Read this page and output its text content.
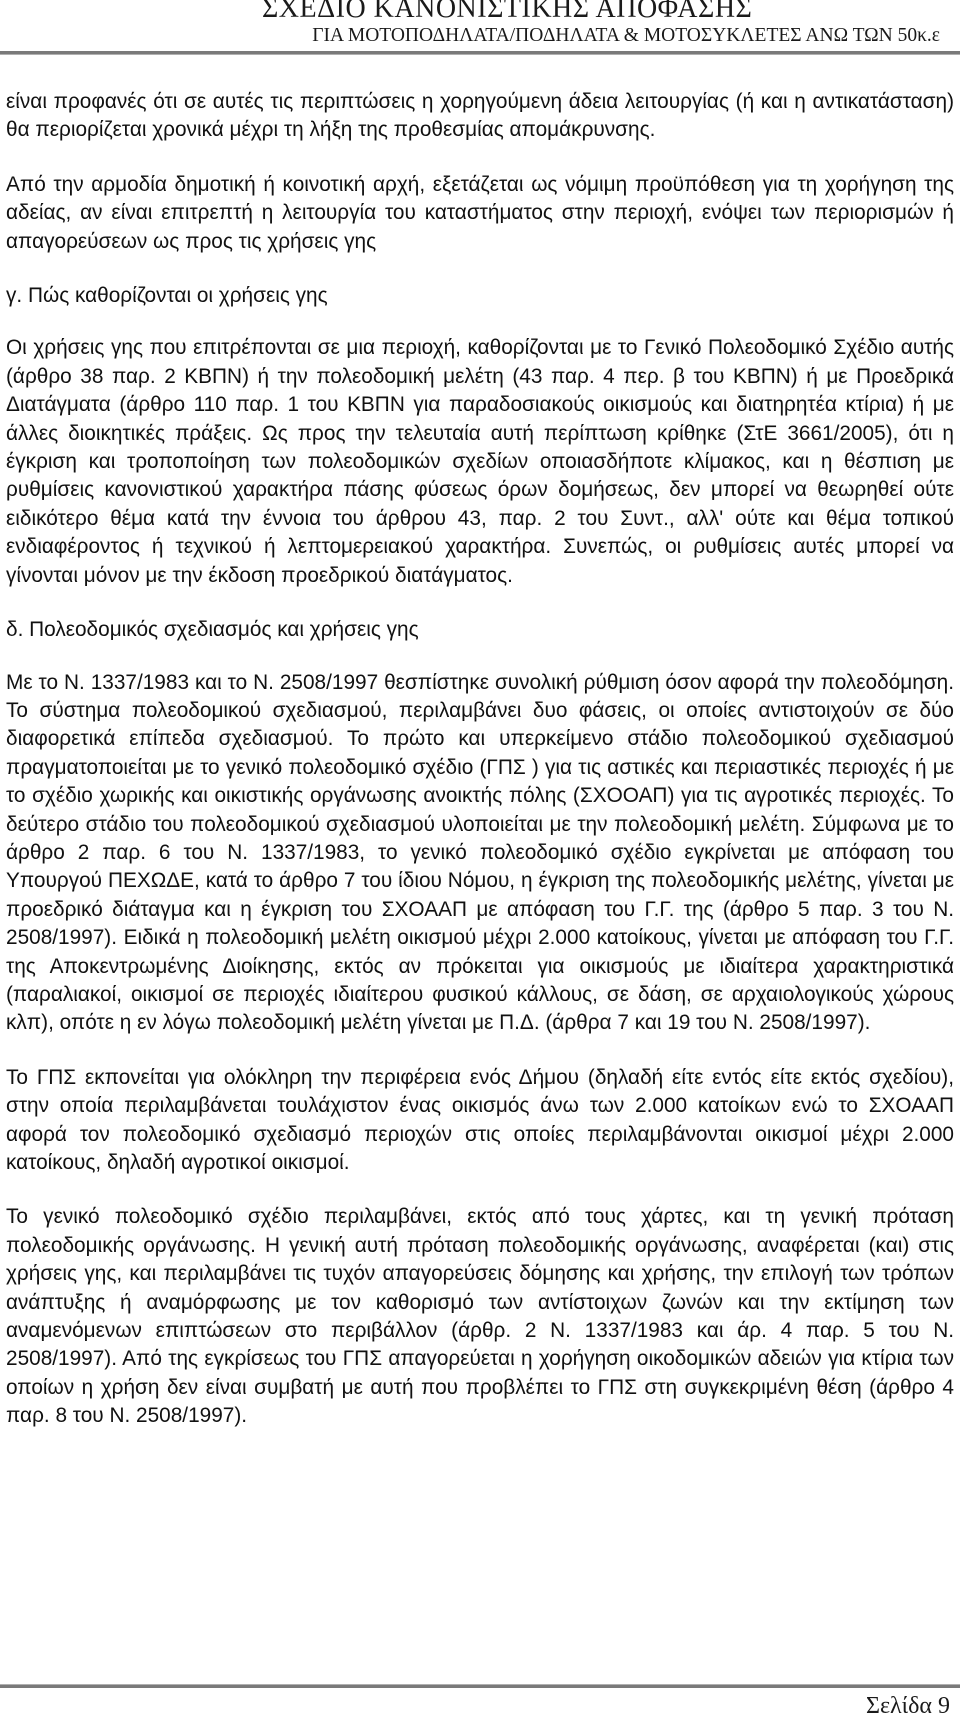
ΣΧΕΔΙΟ ΚΑΝΟΝΙΣΤΙΚΗΣ ΑΠΟΦΑΣΗΣ
ΓΙΑ ΜΟΤΟΠΟΔΗΛΑΤΑ/ΠΟΔΗΛΑΤΑ & ΜΟΤΟΣΥΚΛΕΤΕΣ ΑΝΩ ΤΩΝ 50κ.ε

είναι προφανές ότι σε αυτές τις περιπτώσεις η χορηγούμενη άδεια λειτουργίας (ή και η αντικατάσταση) θα περιορίζεται χρονικά μέχρι τη λήξη της προθεσμίας απομάκρυνσης.

Από την αρμοδία δημοτική ή κοινοτική αρχή, εξετάζεται ως νόμιμη προϋπόθεση για τη χορήγηση της αδείας, αν είναι επιτρεπτή η λειτουργία του καταστήματος στην περιοχή, ενόψει των περιορισμών ή απαγορεύσεων ως προς τις χρήσεις γης

γ. Πώς καθορίζονται οι χρήσεις γης

Οι χρήσεις γης που επιτρέπονται σε μια περιοχή, καθορίζονται με το Γενικό Πολεοδομικό Σχέδιο αυτής (άρθρο 38 παρ. 2 ΚΒΠΝ) ή την πολεοδομική μελέτη (43 παρ. 4 περ. β του ΚΒΠΝ) ή με Προεδρικά Διατάγματα (άρθρο 110 παρ. 1 του ΚΒΠΝ για παραδοσιακούς οικισμούς και διατηρητέα κτίρια) ή με άλλες διοικητικές πράξεις. Ως προς την τελευταία αυτή περίπτωση κρίθηκε (ΣτΕ 3661/2005), ότι η έγκριση και τροποποίηση των πολεοδομικών σχεδίων οποιασδήποτε κλίμακος, και η θέσπιση με ρυθμίσεις κανονιστικού χαρακτήρα πάσης φύσεως όρων δομήσεως, δεν μπορεί να θεωρηθεί ούτε ειδικότερο θέμα κατά την έννοια του άρθρου 43, παρ. 2 του Συντ., αλλ' ούτε και θέμα τοπικού ενδιαφέροντος ή τεχνικού ή λεπτομερειακού χαρακτήρα. Συνεπώς, οι ρυθμίσεις αυτές μπορεί να γίνονται μόνον με την έκδοση προεδρικού διατάγματος.

δ. Πολεοδομικός σχεδιασμός και χρήσεις γης

Με το Ν. 1337/1983 και το Ν. 2508/1997 θεσπίστηκε συνολική ρύθμιση όσον αφορά την πολεοδόμηση. Το σύστημα πολεοδομικού σχεδιασμού, περιλαμβάνει δυο φάσεις, οι οποίες αντιστοιχούν σε δύο διαφορετικά επίπεδα σχεδιασμού. Το πρώτο και υπερκείμενο στάδιο πολεοδομικού σχεδιασμού πραγματοποιείται με το γενικό πολεοδομικό σχέδιο (ΓΠΣ ) για τις αστικές και περιαστικές περιοχές ή με το σχέδιο χωρικής και οικιστικής οργάνωσης ανοικτής πόλης (ΣΧΟΟΑΠ) για τις αγροτικές περιοχές. Το δεύτερο στάδιο του πολεοδομικού σχεδιασμού υλοποιείται με την πολεοδομική μελέτη. Σύμφωνα με το άρθρο 2 παρ. 6 του Ν. 1337/1983, το γενικό πολεοδομικό σχέδιο εγκρίνεται με απόφαση του Υπουργού ΠΕΧΩΔΕ, κατά το άρθρο 7 του ίδιου Νόμου, η έγκριση της πολεοδομικής μελέτης, γίνεται με προεδρικό διάταγμα και η έγκριση του ΣΧΟΑΑΠ με απόφαση του Γ.Γ. της (άρθρο 5 παρ. 3 του Ν. 2508/1997). Ειδικά η πολεοδομική μελέτη οικισμού μέχρι 2.000 κατοίκους, γίνεται με απόφαση του Γ.Γ. της Αποκεντρωμένης Διοίκησης, εκτός αν πρόκειται για οικισμούς με ιδιαίτερα χαρακτηριστικά (παραλιακοί, οικισμοί σε περιοχές ιδιαίτερου φυσικού κάλλους, σε δάση, σε αρχαιολογικούς χώρους κλπ), οπότε η εν λόγω πολεοδομική μελέτη γίνεται με Π.Δ. (άρθρα 7 και 19 του Ν. 2508/1997).

Το ΓΠΣ εκπονείται για ολόκληρη την περιφέρεια ενός Δήμου (δηλαδή είτε εντός είτε εκτός σχεδίου), στην οποία περιλαμβάνεται τουλάχιστον ένας οικισμός άνω των 2.000 κατοίκων ενώ το ΣΧΟΑΑΠ αφορά τον πολεοδομικό σχεδιασμό περιοχών στις οποίες περιλαμβάνονται οικισμοί μέχρι 2.000 κατοίκους, δηλαδή αγροτικοί οικισμοί.

Το γενικό πολεοδομικό σχέδιο περιλαμβάνει, εκτός από τους χάρτες, και τη γενική πρόταση πολεοδομικής οργάνωσης. Η γενική αυτή πρόταση πολεοδομικής οργάνωσης, αναφέρεται (και) στις χρήσεις γης, και περιλαμβάνει τις τυχόν απαγορεύσεις δόμησης και χρήσης, την επιλογή των τρόπων ανάπτυξης ή αναμόρφωσης με τον καθορισμό των αντίστοιχων ζωνών και την εκτίμηση των αναμενόμενων επιπτώσεων στο περιβάλλον (άρθρ. 2 Ν. 1337/1983 και άρ. 4 παρ. 5 του Ν. 2508/1997). Από της εγκρίσεως του ΓΠΣ απαγορεύεται η χορήγηση οικοδομικών αδειών για κτίρια των οποίων η χρήση δεν είναι συμβατή με αυτή που προβλέπει το ΓΠΣ στη συγκεκριμένη θέση (άρθρο 4 παρ. 8 του Ν. 2508/1997).

Σελίδα 9
